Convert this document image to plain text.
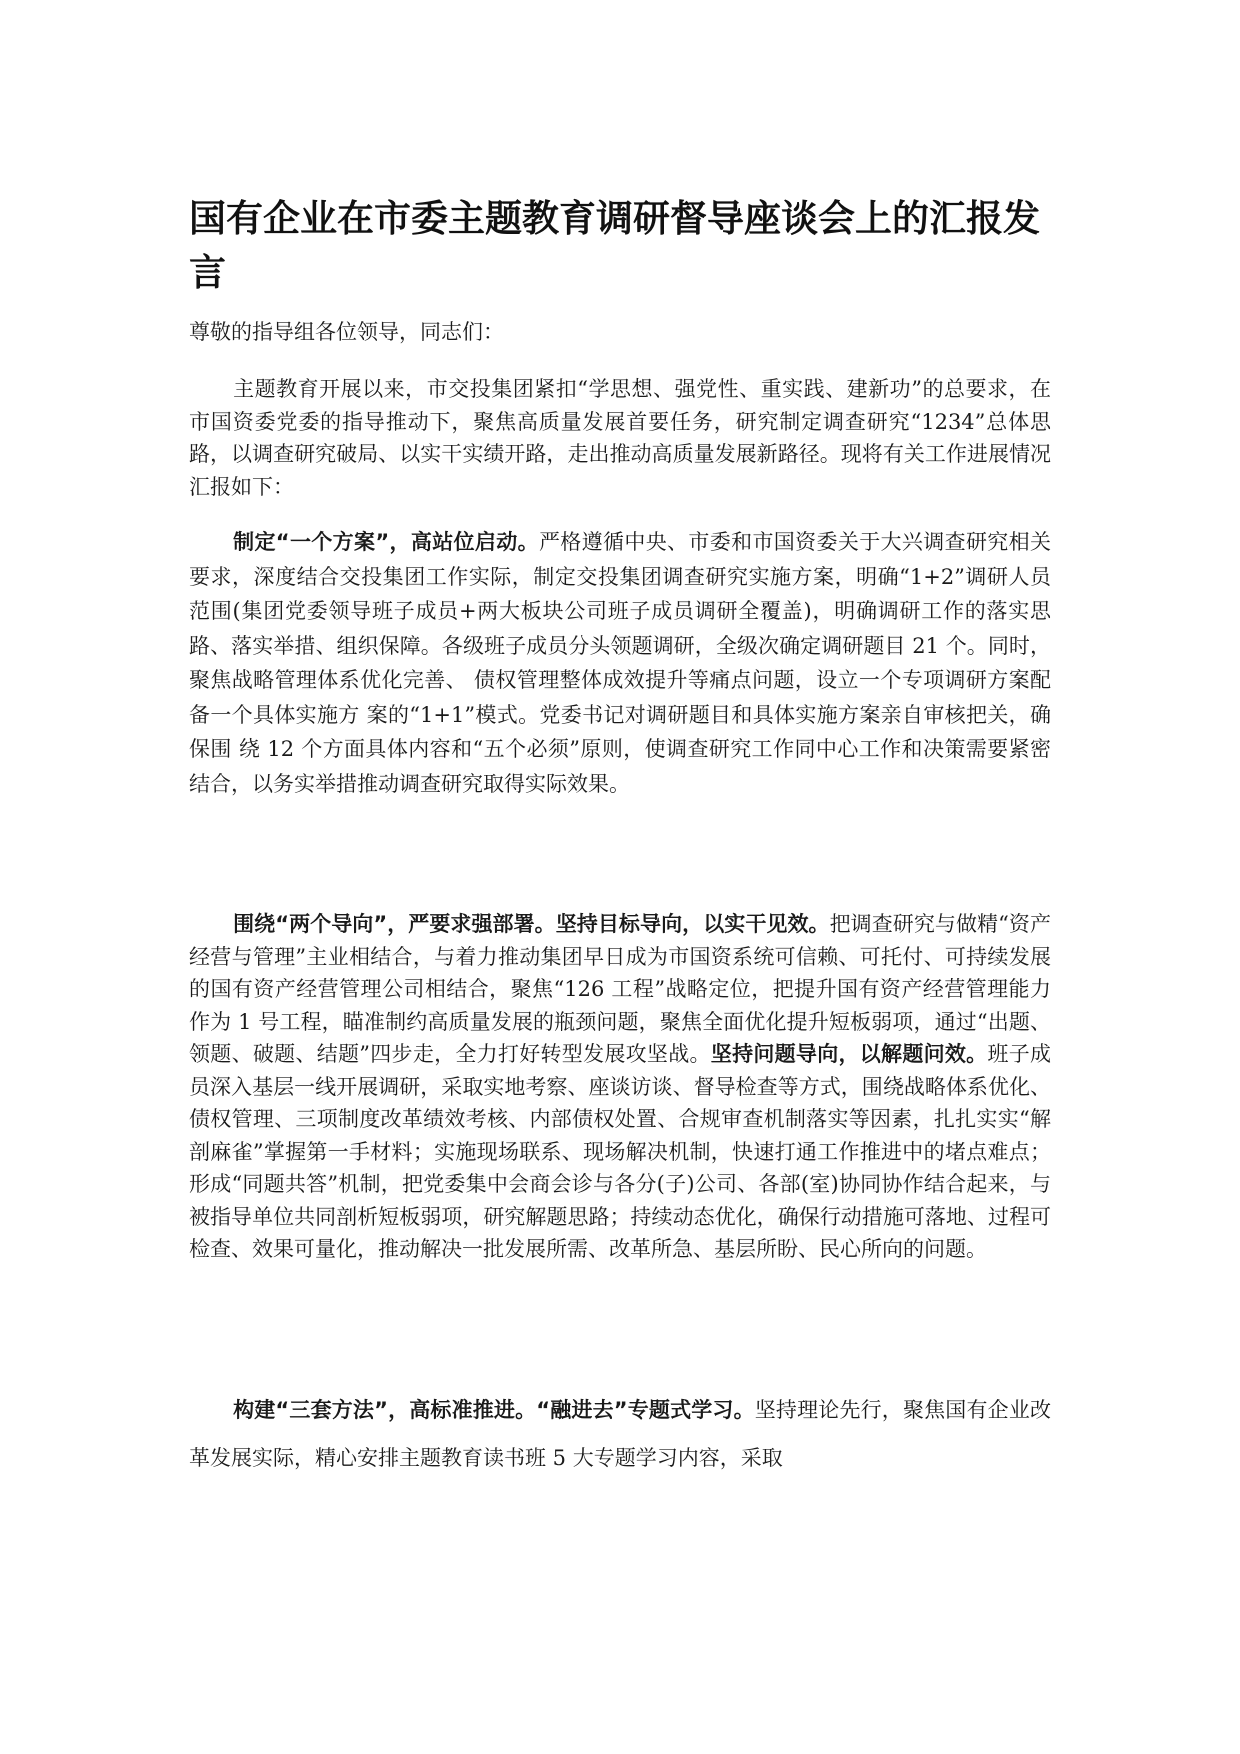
国有企业在市委主题教育调研督导座谈会上的汇报发言

尊敬的指导组各位领导，同志们：

主题教育开展以来，市交投集团紧扣“学思想、强党性、重实践、建新功”的总要求，在市国资委党委的指导推动下，聚焦高质量发展首要任务，研究制定调查研究“1234”总体思路，以调查研究破局、以实干实绩开路，走出推动高质量发展新路径。现将有关工作进展情况汇报如下：

制定“一个方案”，高站位启动。严格遵循中央、市委和市国资委关于大兴调查研究相关要求，深度结合交投集团工作实际，制定交投集团调查研究实施方案，明确“1+2”调研人员范围(集团党委领导班子成员+两大板块公司班子成员调研全覆盖)，明确调研工作的落实思路、落实举措、组织保障。各级班子成员分头领题调研，全级次确定调研题目 21 个。同时，聚焦战略管理体系优化完善、 债权管理整体成效提升等痛点问题，设立一个专项调研方案配备一个具体实施方 案的“1+1”模式。党委书记对调研题目和具体实施方案亲自审核把关，确保围 绕 12 个方面具体内容和“五个必须”原则，使调查研究工作同中心工作和决策需要紧密结合，以务实举措推动调查研究取得实际效果。

围绕“两个导向”，严要求强部署。坚持目标导向，以实干见效。把调查研究与做精“资产经营与管理”主业相结合，与着力推动集团早日成为市国资系统可信赖、可托付、可持续发展的国有资产经营管理公司相结合，聚焦“126 工程”战略定位，把提升国有资产经营管理能力作为 1 号工程，瞄准制约高质量发展的瓶颈问题，聚焦全面优化提升短板弱项，通过“出题、领题、破题、结题”四步走，全力打好转型发展攻坚战。坚持问题导向，以解题问效。班子成员深入基层一线开展调研，采取实地考察、座谈访谈、督导检查等方式，围绕战略体系优化、债权管理、三项制度改革绩效考核、内部债权处置、合规审查机制落实等因素，扎扎实实“解剖麻雀”掌握第一手材料；实施现场联系、现场解决机制，快速打通工作推进中的堵点难点；形成“同题共答”机制，把党委集中会商会诊与各分(子)公司、各部(室)协同协作结合起来，与被指导单位共同剖析短板弱项，研究解题思路；持续动态优化，确保行动措施可落地、过程可检查、效果可量化，推动解决一批发展所需、改革所急、基层所盼、民心所向的问题。

构建“三套方法”，高标准推进。“融进去”专题式学习。坚持理论先行，聚焦国有企业改革发展实际，精心安排主题教育读书班 5 大专题学习内容，采取
